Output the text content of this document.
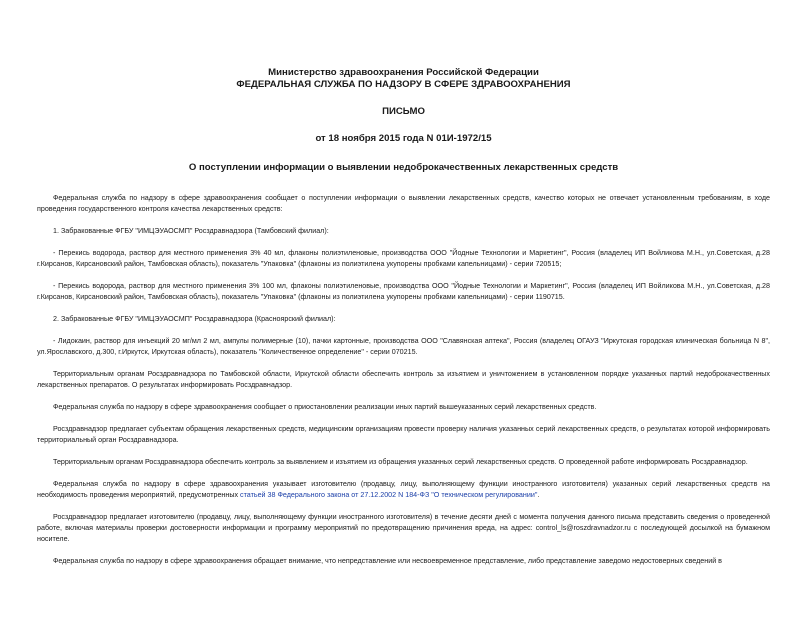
Министерство здравоохранения Российской Федерации
ФЕДЕРАЛЬНАЯ СЛУЖБА ПО НАДЗОРУ В СФЕРЕ ЗДРАВООХРАНЕНИЯ
ПИСЬМО
от 18 ноября 2015 года N 01И-1972/15
О поступлении информации о выявлении недоброкачественных лекарственных средств

Федеральная служба по надзору в сфере здравоохранения сообщает о поступлении информации о выявлении лекарственных средств, качество которых не отвечает установленным требованиям, в ходе проведения государственного контроля качества лекарственных средств:

1. Забракованные ФГБУ "ИМЦЭУАОСМП" Росздравнадзора (Тамбовский филиал):

- Перекись водорода, раствор для местного применения 3% 40 мл, флаконы полиэтиленовые, производства ООО "Йодные Технологии и Маркетинг", Россия (владелец ИП Войликова М.Н., ул.Советская, д.28 г.Кирсанов, Кирсановский район, Тамбовская область), показатель "Упаковка" (флаконы из полиэтилена укупорены пробками капельницами) - серии 720515;

- Перекись водорода, раствор для местного применения 3% 100 мл, флаконы полиэтиленовые, производства ООО "Йодные Технологии и Маркетинг", Россия (владелец ИП Войликова М.Н., ул.Советская, д.28 г.Кирсанов, Кирсановский район, Тамбовская область), показатель "Упаковка" (флаконы из полиэтилена укупорены пробками капельницами) - серии 1190715.

2. Забракованные ФГБУ "ИМЦЭУАОСМП" Росздравнадзора (Красноярский филиал):

- Лидокаин, раствор для инъекций 20 мг/мл 2 мл, ампулы полимерные (10), пачки картонные, производства ООО "Славянская аптека", Россия (владелец ОГАУЗ "Иркутская городская клиническая больница N 8", ул.Ярославского, д.300, г.Иркутск, Иркутская область), показатель "Количественное определение" - серии 070215.

Территориальным органам Росздравнадзора по Тамбовской области, Иркутской области обеспечить контроль за изъятием и уничтожением в установленном порядке указанных партий недоброкачественных лекарственных препаратов. О результатах информировать Росздравнадзор.

Федеральная служба по надзору в сфере здравоохранения сообщает о приостановлении реализации иных партий вышеуказанных серий лекарственных средств.

Росздравнадзор предлагает субъектам обращения лекарственных средств, медицинским организациям провести проверку наличия указанных серий лекарственных средств, о результатах которой информировать территориальный орган Росздравнадзора.

Территориальным органам Росздравнадзора обеспечить контроль за выявлением и изъятием из обращения указанных серий лекарственных средств. О проведенной работе информировать Росздравнадзор.

Федеральная служба по надзору в сфере здравоохранения указывает изготовителю (продавцу, лицу, выполняющему функции иностранного изготовителя) указанных серий лекарственных средств на необходимость проведения мероприятий, предусмотренных статьей 38 Федерального закона от 27.12.2002 N 184-ФЗ "О техническом регулировании".

Росздравнадзор предлагает изготовителю (продавцу, лицу, выполняющему функции иностранного изготовителя) в течение десяти дней с момента получения данного письма представить сведения о проведенной работе, включая материалы проверки достоверности информации и программу мероприятий по предотвращению причинения вреда, на адрес: control_ls@roszdravnadzor.ru с последующей досылкой на бумажном носителе.

Федеральная служба по надзору в сфере здравоохранения обращает внимание, что непредставление или несвоевременное представление, либо представление заведомо недостоверных сведений в
